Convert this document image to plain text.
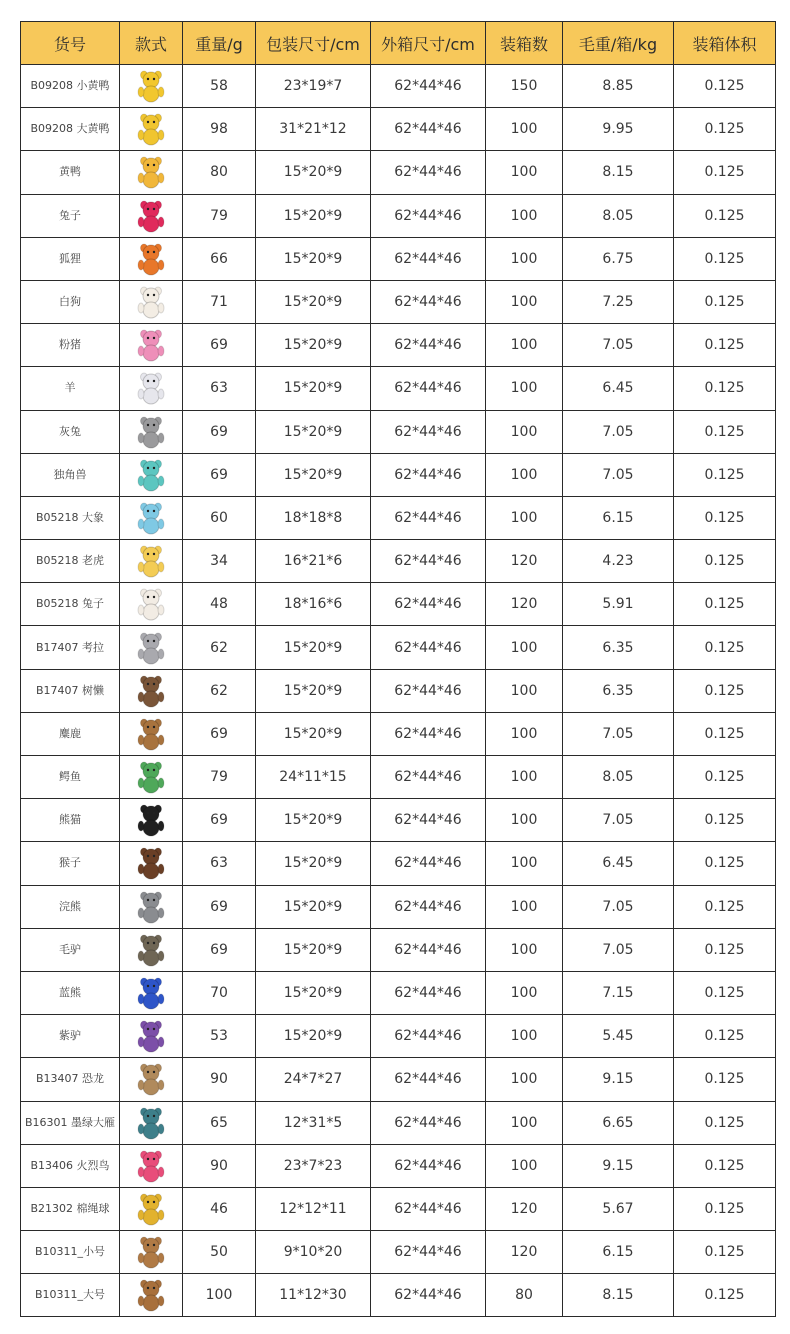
货号	款式	重量/g	包装尺寸/cm	外箱尺寸/cm	装箱数	毛重/箱/kg	装箱体积
B09208 小黄鸭		58	23*19*7	62*44*46	150	8.85	0.125
B09208 大黄鸭		98	31*21*12	62*44*46	100	9.95	0.125
黄鸭		80	15*20*9	62*44*46	100	8.15	0.125
兔子		79	15*20*9	62*44*46	100	8.05	0.125
狐狸		66	15*20*9	62*44*46	100	6.75	0.125
白狗		71	15*20*9	62*44*46	100	7.25	0.125
粉猪		69	15*20*9	62*44*46	100	7.05	0.125
羊		63	15*20*9	62*44*46	100	6.45	0.125
灰兔		69	15*20*9	62*44*46	100	7.05	0.125
独角兽		69	15*20*9	62*44*46	100	7.05	0.125
B05218 大象		60	18*18*8	62*44*46	100	6.15	0.125
B05218 老虎		34	16*21*6	62*44*46	120	4.23	0.125
B05218 兔子		48	18*16*6	62*44*46	120	5.91	0.125
B17407 考拉		62	15*20*9	62*44*46	100	6.35	0.125
B17407 树懒		62	15*20*9	62*44*46	100	6.35	0.125
麋鹿		69	15*20*9	62*44*46	100	7.05	0.125
鳄鱼		79	24*11*15	62*44*46	100	8.05	0.125
熊猫		69	15*20*9	62*44*46	100	7.05	0.125
猴子		63	15*20*9	62*44*46	100	6.45	0.125
浣熊		69	15*20*9	62*44*46	100	7.05	0.125
毛驴		69	15*20*9	62*44*46	100	7.05	0.125
蓝熊		70	15*20*9	62*44*46	100	7.15	0.125
紫驴		53	15*20*9	62*44*46	100	5.45	0.125
B13407 恐龙		90	24*7*27	62*44*46	100	9.15	0.125
B16301 墨绿大雁		65	12*31*5	62*44*46	100	6.65	0.125
B13406 火烈鸟		90	23*7*23	62*44*46	100	9.15	0.125
B21302 棉绳球		46	12*12*11	62*44*46	120	5.67	0.125
B10311_小号		50	9*10*20	62*44*46	120	6.15	0.125
B10311_大号		100	11*12*30	62*44*46	80	8.15	0.125
